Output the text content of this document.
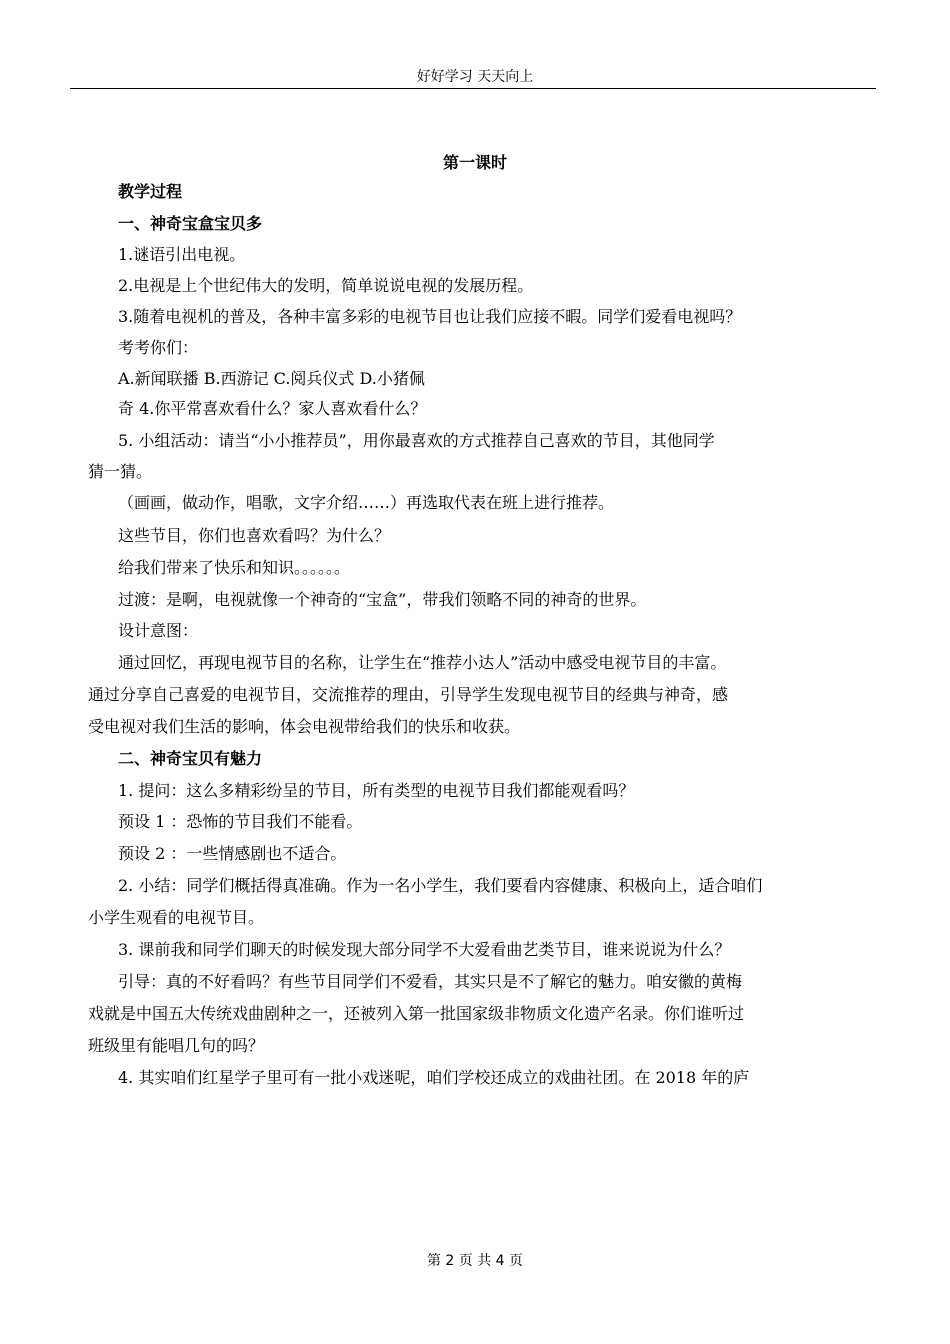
好好学习 天天向上
第一课时
教学过程
一、神奇宝盒宝贝多
1.谜语引出电视。
2.电视是上个世纪伟大的发明，简单说说电视的发展历程。
3.随着电视机的普及，各种丰富多彩的电视节目也让我们应接不暇。同学们爱看电视吗？
考考你们：
A.新闻联播 B.西游记 C.阅兵仪式 D.小猪佩
奇 4.你平常喜欢看什么？家人喜欢看什么？
5. 小组活动：请当“小小推荐员”，用你最喜欢的方式推荐自己喜欢的节目，其他同学
猜一猜。
（画画，做动作，唱歌，文字介绍……）再选取代表在班上进行推荐。
这些节目，你们也喜欢看吗？为什么？
给我们带来了快乐和知识。。。。。。
过渡：是啊，电视就像一个神奇的“宝盒”，带我们领略不同的神奇的世界。
设计意图：
通过回忆，再现电视节目的名称，让学生在“推荐小达人”活动中感受电视节目的丰富。
通过分享自己喜爱的电视节目，交流推荐的理由，引导学生发现电视节目的经典与神奇，感
受电视对我们生活的影响，体会电视带给我们的快乐和收获。
二、神奇宝贝有魅力
1. 提问：这么多精彩纷呈的节目，所有类型的电视节目我们都能观看吗？
预设 1 ：恐怖的节目我们不能看。
预设 2 ：一些情感剧也不适合。
2. 小结：同学们概括得真准确。作为一名小学生，我们要看内容健康、积极向上，适合咱们
小学生观看的电视节目。
3. 课前我和同学们聊天的时候发现大部分同学不大爱看曲艺类节目，谁来说说为什么？
引导：真的不好看吗？有些节目同学们不爱看，其实只是不了解它的魅力。咱安徽的黄梅
戏就是中国五大传统戏曲剧种之一，还被列入第一批国家级非物质文化遗产名录。你们谁听过
班级里有能唱几句的吗？
4. 其实咱们红星学子里可有一批小戏迷呢，咱们学校还成立的戏曲社团。在 2018 年的庐
第 2 页 共 4 页
